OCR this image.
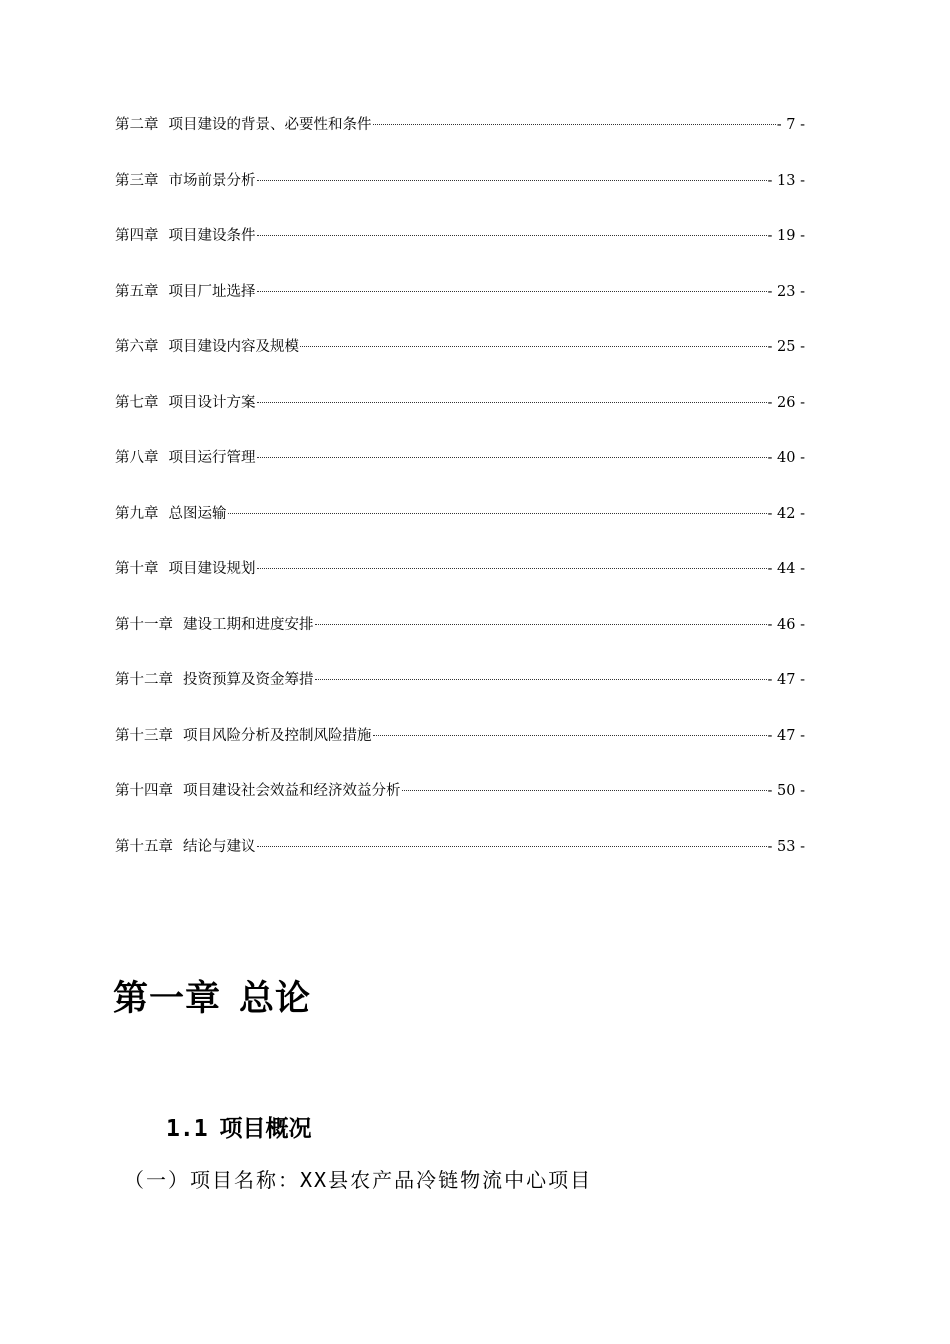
第二章 项目建设的背景、必要性和条件	- 7 -
第三章 市场前景分析	- 13 -
第四章 项目建设条件	- 19 -
第五章 项目厂址选择	- 23 -
第六章 项目建设内容及规模	- 25 -
第七章 项目设计方案	- 26 -
第八章 项目运行管理	- 40 -
第九章 总图运输	- 42 -
第十章 项目建设规划	- 44 -
第十一章 建设工期和进度安排	- 46 -
第十二章 投资预算及资金筹措	- 47 -
第十三章 项目风险分析及控制风险措施	- 47 -
第十四章 项目建设社会效益和经济效益分析	- 50 -
第十五章 结论与建议	- 53 -
第一章 总论
1.1 项目概况
（一）项目名称：XX县农产品冷链物流中心项目
